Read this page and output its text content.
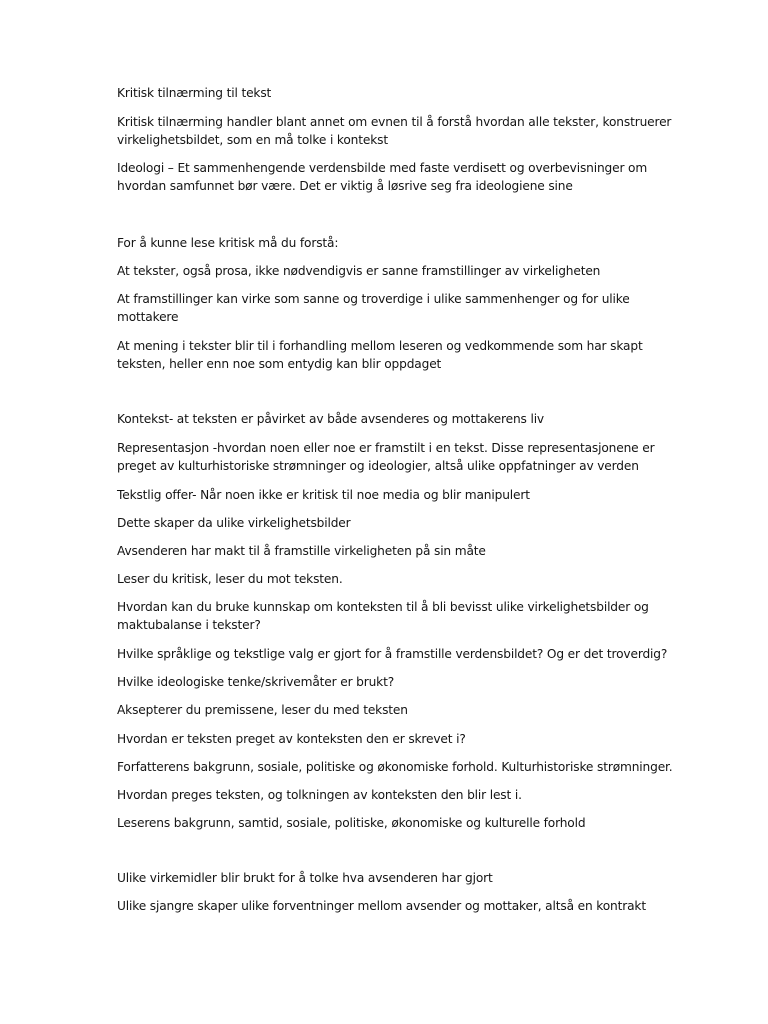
Kritisk tilnærming til tekst

Kritisk tilnærming handler blant annet om evnen til å forstå hvordan alle tekster, konstruerer
virkelighetsbildet, som en må tolke i kontekst

Ideologi – Et sammenhengende verdensbilde med faste verdisett og overbevisninger om
hvordan samfunnet bør være. Det er viktig å løsrive seg fra ideologiene sine

For å kunne lese kritisk må du forstå:

At tekster, også prosa, ikke nødvendigvis er sanne framstillinger av virkeligheten

At framstillinger kan virke som sanne og troverdige i ulike sammenhenger og for ulike
mottakere

At mening i tekster blir til i forhandling mellom leseren og vedkommende som har skapt
teksten, heller enn noe som entydig kan blir oppdaget

Kontekst- at teksten er påvirket av både avsenderes og mottakerens liv

Representasjon -hvordan noen eller noe er framstilt i en tekst. Disse representasjonene er
preget av kulturhistoriske strømninger og ideologier, altså ulike oppfatninger av verden

Tekstlig offer- Når noen ikke er kritisk til noe media og blir manipulert

Dette skaper da ulike virkelighetsbilder

Avsenderen har makt til å framstille virkeligheten på sin måte

Leser du kritisk, leser du mot teksten.

Hvordan kan du bruke kunnskap om konteksten til å bli bevisst ulike virkelighetsbilder og
maktubalanse i tekster?

Hvilke språklige og tekstlige valg er gjort for å framstille verdensbildet? Og er det troverdig?

Hvilke ideologiske tenke/skrivemåter er brukt?

Aksepterer du premissene, leser du med teksten

Hvordan er teksten preget av konteksten den er skrevet i?

Forfatterens bakgrunn, sosiale, politiske og økonomiske forhold. Kulturhistoriske strømninger.

Hvordan preges teksten, og tolkningen av konteksten den blir lest i.

Leserens bakgrunn, samtid, sosiale, politiske, økonomiske og kulturelle forhold

Ulike virkemidler blir brukt for å tolke hva avsenderen har gjort

Ulike sjangre skaper ulike forventninger mellom avsender og mottaker, altså en kontrakt
